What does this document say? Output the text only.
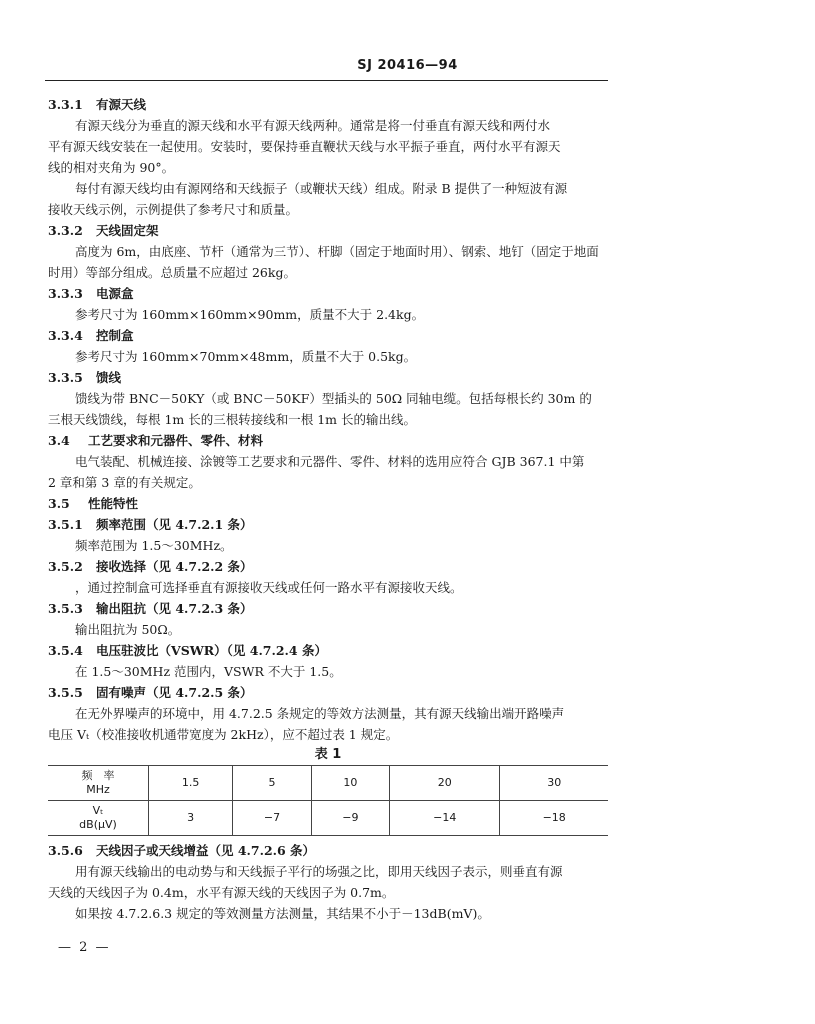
SJ 20416—94
3.3.1 有源天线
有源天线分为垂直的源天线和水平有源天线两种。通常是将一付垂直有源天线和两付水
平有源天线安装在一起使用。安装时，要保持垂直鞭状天线与水平振子垂直，两付水平有源天
线的相对夹角为 90°。
每付有源天线均由有源网络和天线振子（或鞭状天线）组成。附录 B 提供了一种短波有源
接收天线示例，示例提供了参考尺寸和质量。
3.3.2 天线固定架
高度为 6m，由底座、节杆（通常为三节）、杆脚（固定于地面时用）、钢索、地钉（固定于地面
时用）等部分组成。总质量不应超过 26kg。
3.3.3 电源盒
参考尺寸为 160mm×160mm×90mm，质量不大于 2.4kg。
3.3.4 控制盒
参考尺寸为 160mm×70mm×48mm，质量不大于 0.5kg。
3.3.5 馈线
馈线为带 BNC－50KY（或 BNC－50KF）型插头的 50Ω 同轴电缆。包括每根长约 30m 的
三根天线馈线，每根 1m 长的三根转接线和一根 1m 长的输出线。
3.4 工艺要求和元器件、零件、材料
电气装配、机械连接、涂镀等工艺要求和元器件、零件、材料的选用应符合 GJB 367.1 中第
2 章和第 3 章的有关规定。
3.5 性能特性
3.5.1 频率范围（见 4.7.2.1 条）
频率范围为 1.5～30MHz。
3.5.2 接收选择（见 4.7.2.2 条）
，通过控制盒可选择垂直有源接收天线或任何一路水平有源接收天线。
3.5.3 输出阻抗（见 4.7.2.3 条）
输出阻抗为 50Ω。
3.5.4 电压驻波比（VSWR）（见 4.7.2.4 条）
在 1.5～30MHz 范围内，VSWR 不大于 1.5。
3.5.5 固有噪声（见 4.7.2.5 条）
在无外界噪声的环境中，用 4.7.2.5 条规定的等效方法测量，其有源天线输出端开路噪声
电压 Vₜ（校准接收机通带宽度为 2kHz），应不超过表 1 规定。
表 1
频　率
MHz	1.5	5	10	20	30

Vₜ
dB(μV)	3	−7	−9	−14	−18
3.5.6 天线因子或天线增益（见 4.7.2.6 条）
用有源天线输出的电动势与和天线振子平行的场强之比，即用天线因子表示，则垂直有源
天线的天线因子为 0.4m，水平有源天线的天线因子为 0.7m。
如果按 4.7.2.6.3 规定的等效测量方法测量，其结果不小于－13dB(mV)。
— 2 —
